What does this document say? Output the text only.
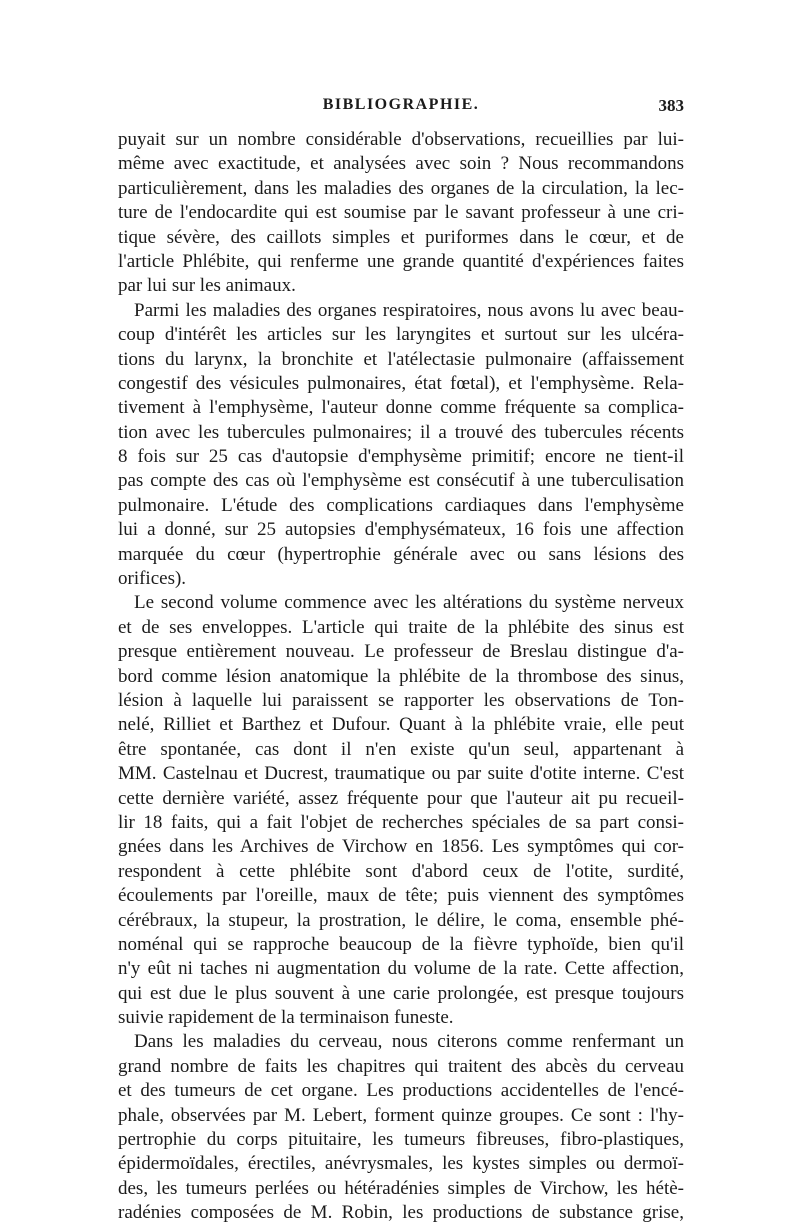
BIBLIOGRAPHIE.	383
puyait sur un nombre considérable d'observations, recueillies par lui-
même avec exactitude, et analysées avec soin ? Nous recommandons
particulièrement, dans les maladies des organes de la circulation, la lec-
ture de l'endocardite qui est soumise par le savant professeur à une cri-
tique sévère, des caillots simples et puriformes dans le cœur, et de
l'article Phlébite, qui renferme une grande quantité d'expériences faites
par lui sur les animaux.
Parmi les maladies des organes respiratoires, nous avons lu avec beau-
coup d'intérêt les articles sur les laryngites et surtout sur les ulcéra-
tions du larynx, la bronchite et l'atélectasie pulmonaire (affaissement
congestif des vésicules pulmonaires, état fœtal), et l'emphysème. Rela-
tivement à l'emphysème, l'auteur donne comme fréquente sa complica-
tion avec les tubercules pulmonaires; il a trouvé des tubercules récents
8 fois sur 25 cas d'autopsie d'emphysème primitif; encore ne tient-il
pas compte des cas où l'emphysème est consécutif à une tuberculisation
pulmonaire. L'étude des complications cardiaques dans l'emphysème
lui a donné, sur 25 autopsies d'emphysémateux, 16 fois une affection
marquée du cœur (hypertrophie générale avec ou sans lésions des
orifices).
Le second volume commence avec les altérations du système nerveux
et de ses enveloppes. L'article qui traite de la phlébite des sinus est
presque entièrement nouveau. Le professeur de Breslau distingue d'a-
bord comme lésion anatomique la phlébite de la thrombose des sinus,
lésion à laquelle lui paraissent se rapporter les observations de Ton-
nelé, Rilliet et Barthez et Dufour. Quant à la phlébite vraie, elle peut
être spontanée, cas dont il n'en existe qu'un seul, appartenant à
MM. Castelnau et Ducrest, traumatique ou par suite d'otite interne. C'est
cette dernière variété, assez fréquente pour que l'auteur ait pu recueil-
lir 18 faits, qui a fait l'objet de recherches spéciales de sa part consi-
gnées dans les Archives de Virchow en 1856. Les symptômes qui cor-
respondent à cette phlébite sont d'abord ceux de l'otite, surdité,
écoulements par l'oreille, maux de tête; puis viennent des symptômes
cérébraux, la stupeur, la prostration, le délire, le coma, ensemble phé-
noménal qui se rapproche beaucoup de la fièvre typhoïde, bien qu'il
n'y eût ni taches ni augmentation du volume de la rate. Cette affection,
qui est due le plus souvent à une carie prolongée, est presque toujours
suivie rapidement de la terminaison funeste.
Dans les maladies du cerveau, nous citerons comme renfermant un
grand nombre de faits les chapitres qui traitent des abcès du cerveau
et des tumeurs de cet organe. Les productions accidentelles de l'encé-
phale, observées par M. Lebert, forment quinze groupes. Ce sont : l'hy-
pertrophie du corps pituitaire, les tumeurs fibreuses, fibro-plastiques,
épidermoïdales, érectiles, anévrysmales, les kystes simples ou dermoï-
des, les tumeurs perlées ou hétéradénies simples de Virchow, les hétè-
radénies composées de M. Robin, les productions de substance grise,
